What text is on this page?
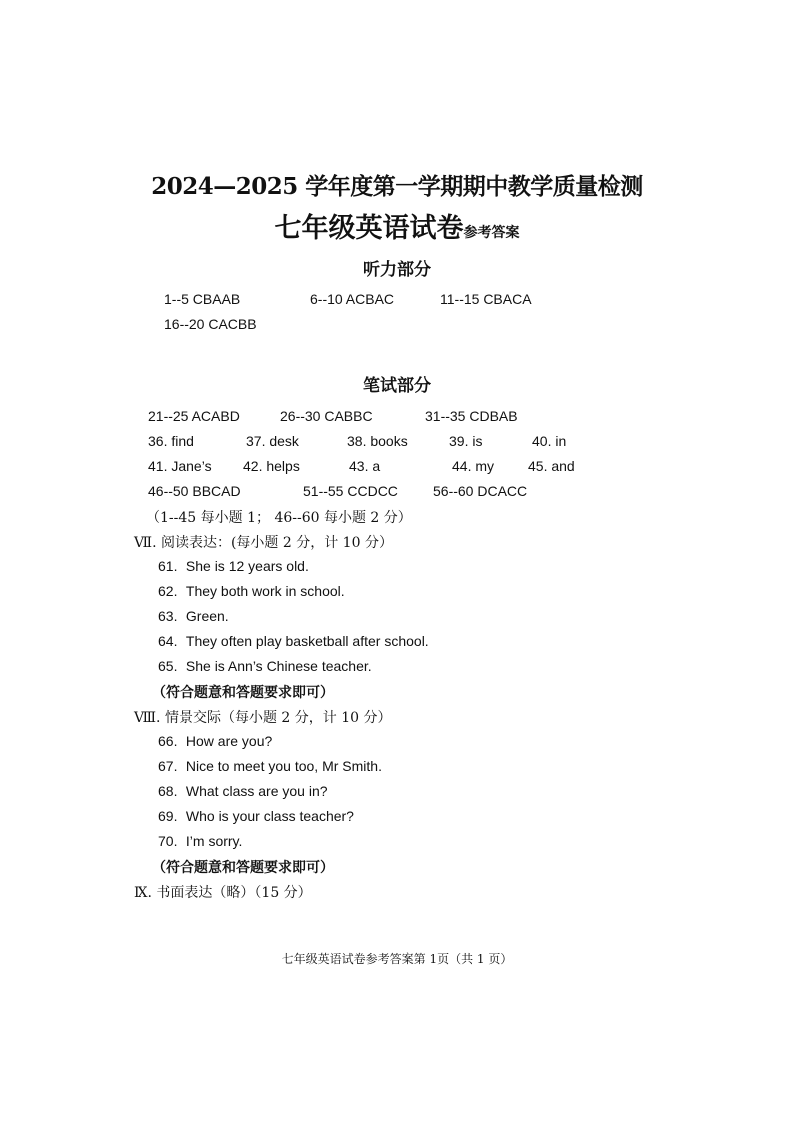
2024—2025 学年度第一学期期中教学质量检测
七年级英语试卷参考答案
听力部分
1--5 CBAAB	6--10 ACBAC	11--15 CBACA
16--20 CACBB
笔试部分
21--25 ACABD	26--30 CABBC	31--35 CDBAB
36. find	37. desk	38. books	39. is	40. in
41. Jane’s 42. helps	43. a	44. my 45. and
46--50 BBCAD	51--55 CCDCC	56--60 DCACC
（1--45 每小题 1； 46--60 每小题 2 分）
Ⅶ. 阅读表达：(每小题 2 分，计 10 分）
61. She is 12 years old.
62. They both work in school.
63. Green.
64. They often play basketball after school.
65. She is Ann’s Chinese teacher.
（符合题意和答题要求即可）
Ⅷ. 情景交际（每小题 2 分，计 10 分）
66. How are you?
67. Nice to meet you too, Mr Smith.
68. What class are you in?
69. Who is your class teacher?
70. I’m sorry.
（符合题意和答题要求即可）
Ⅸ. 书面表达（略）（15 分）
七年级英语试卷参考答案第 1页（共 1 页）
